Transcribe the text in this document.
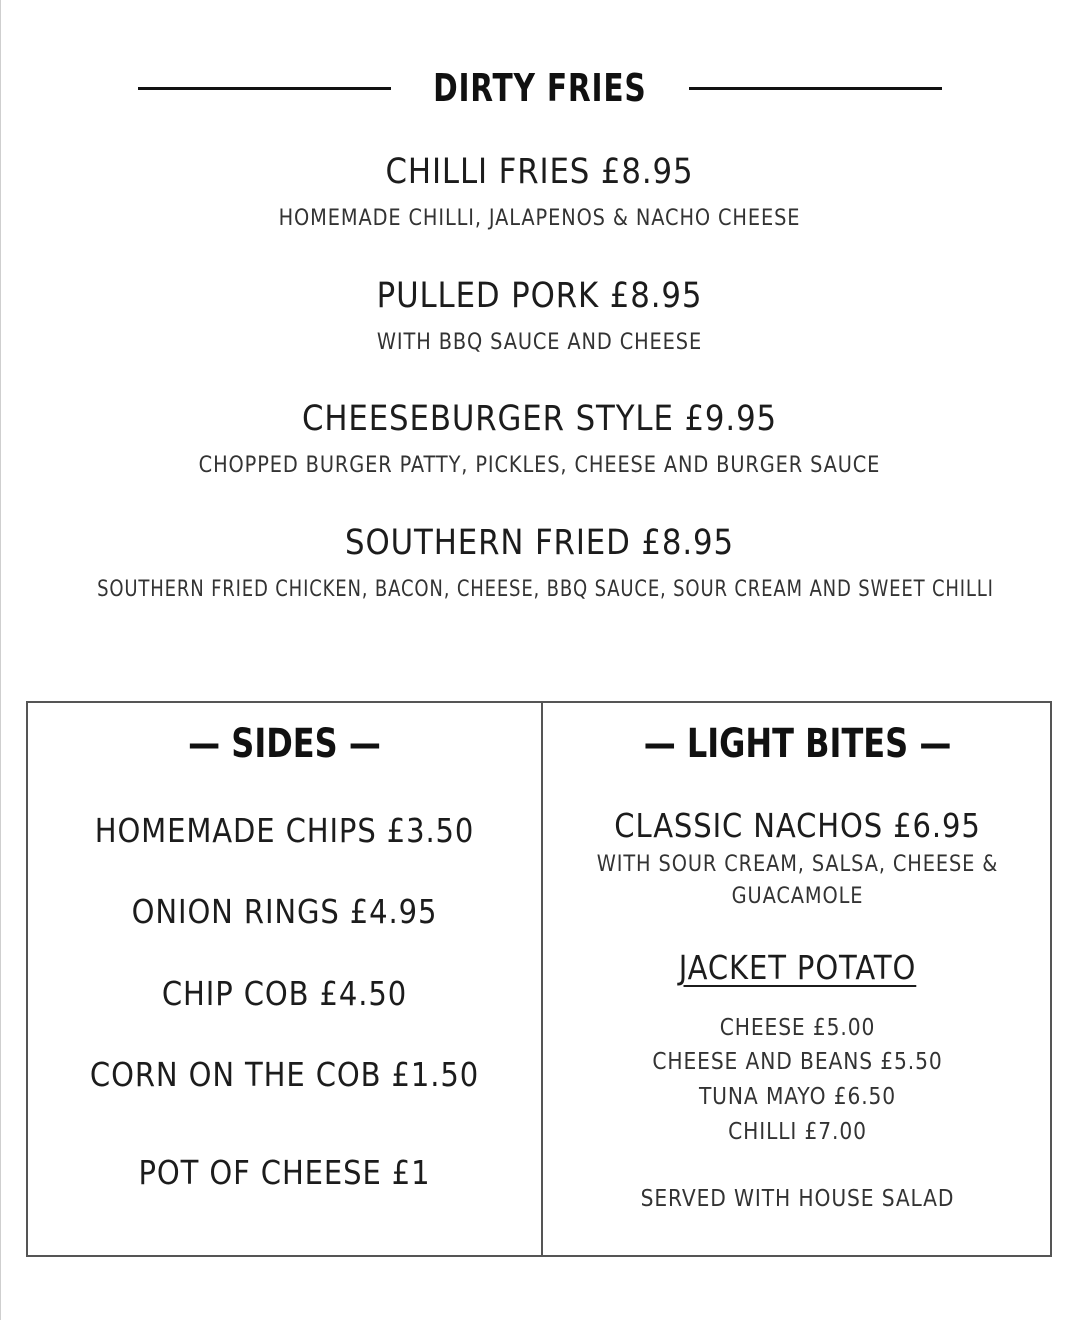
DIRTY FRIES
CHILLI FRIES £8.95
HOMEMADE CHILLI, JALAPENOS & NACHO CHEESE
PULLED PORK £8.95
WITH BBQ SAUCE AND CHEESE
CHEESEBURGER STYLE £9.95
CHOPPED BURGER PATTY, PICKLES, CHEESE AND BURGER SAUCE
SOUTHERN FRIED £8.95
SOUTHERN FRIED CHICKEN, BACON, CHEESE, BBQ SAUCE, SOUR CREAM AND SWEET CHILLI
— SIDES —
HOMEMADE CHIPS £3.50
ONION RINGS £4.95
CHIP COB £4.50
CORN ON THE COB £1.50
POT OF CHEESE £1
— LIGHT BITES —
CLASSIC NACHOS £6.95
WITH SOUR CREAM, SALSA, CHEESE &
GUACAMOLE
JACKET POTATO
CHEESE £5.00
CHEESE AND BEANS £5.50
TUNA MAYO £6.50
CHILLI £7.00
SERVED WITH HOUSE SALAD
